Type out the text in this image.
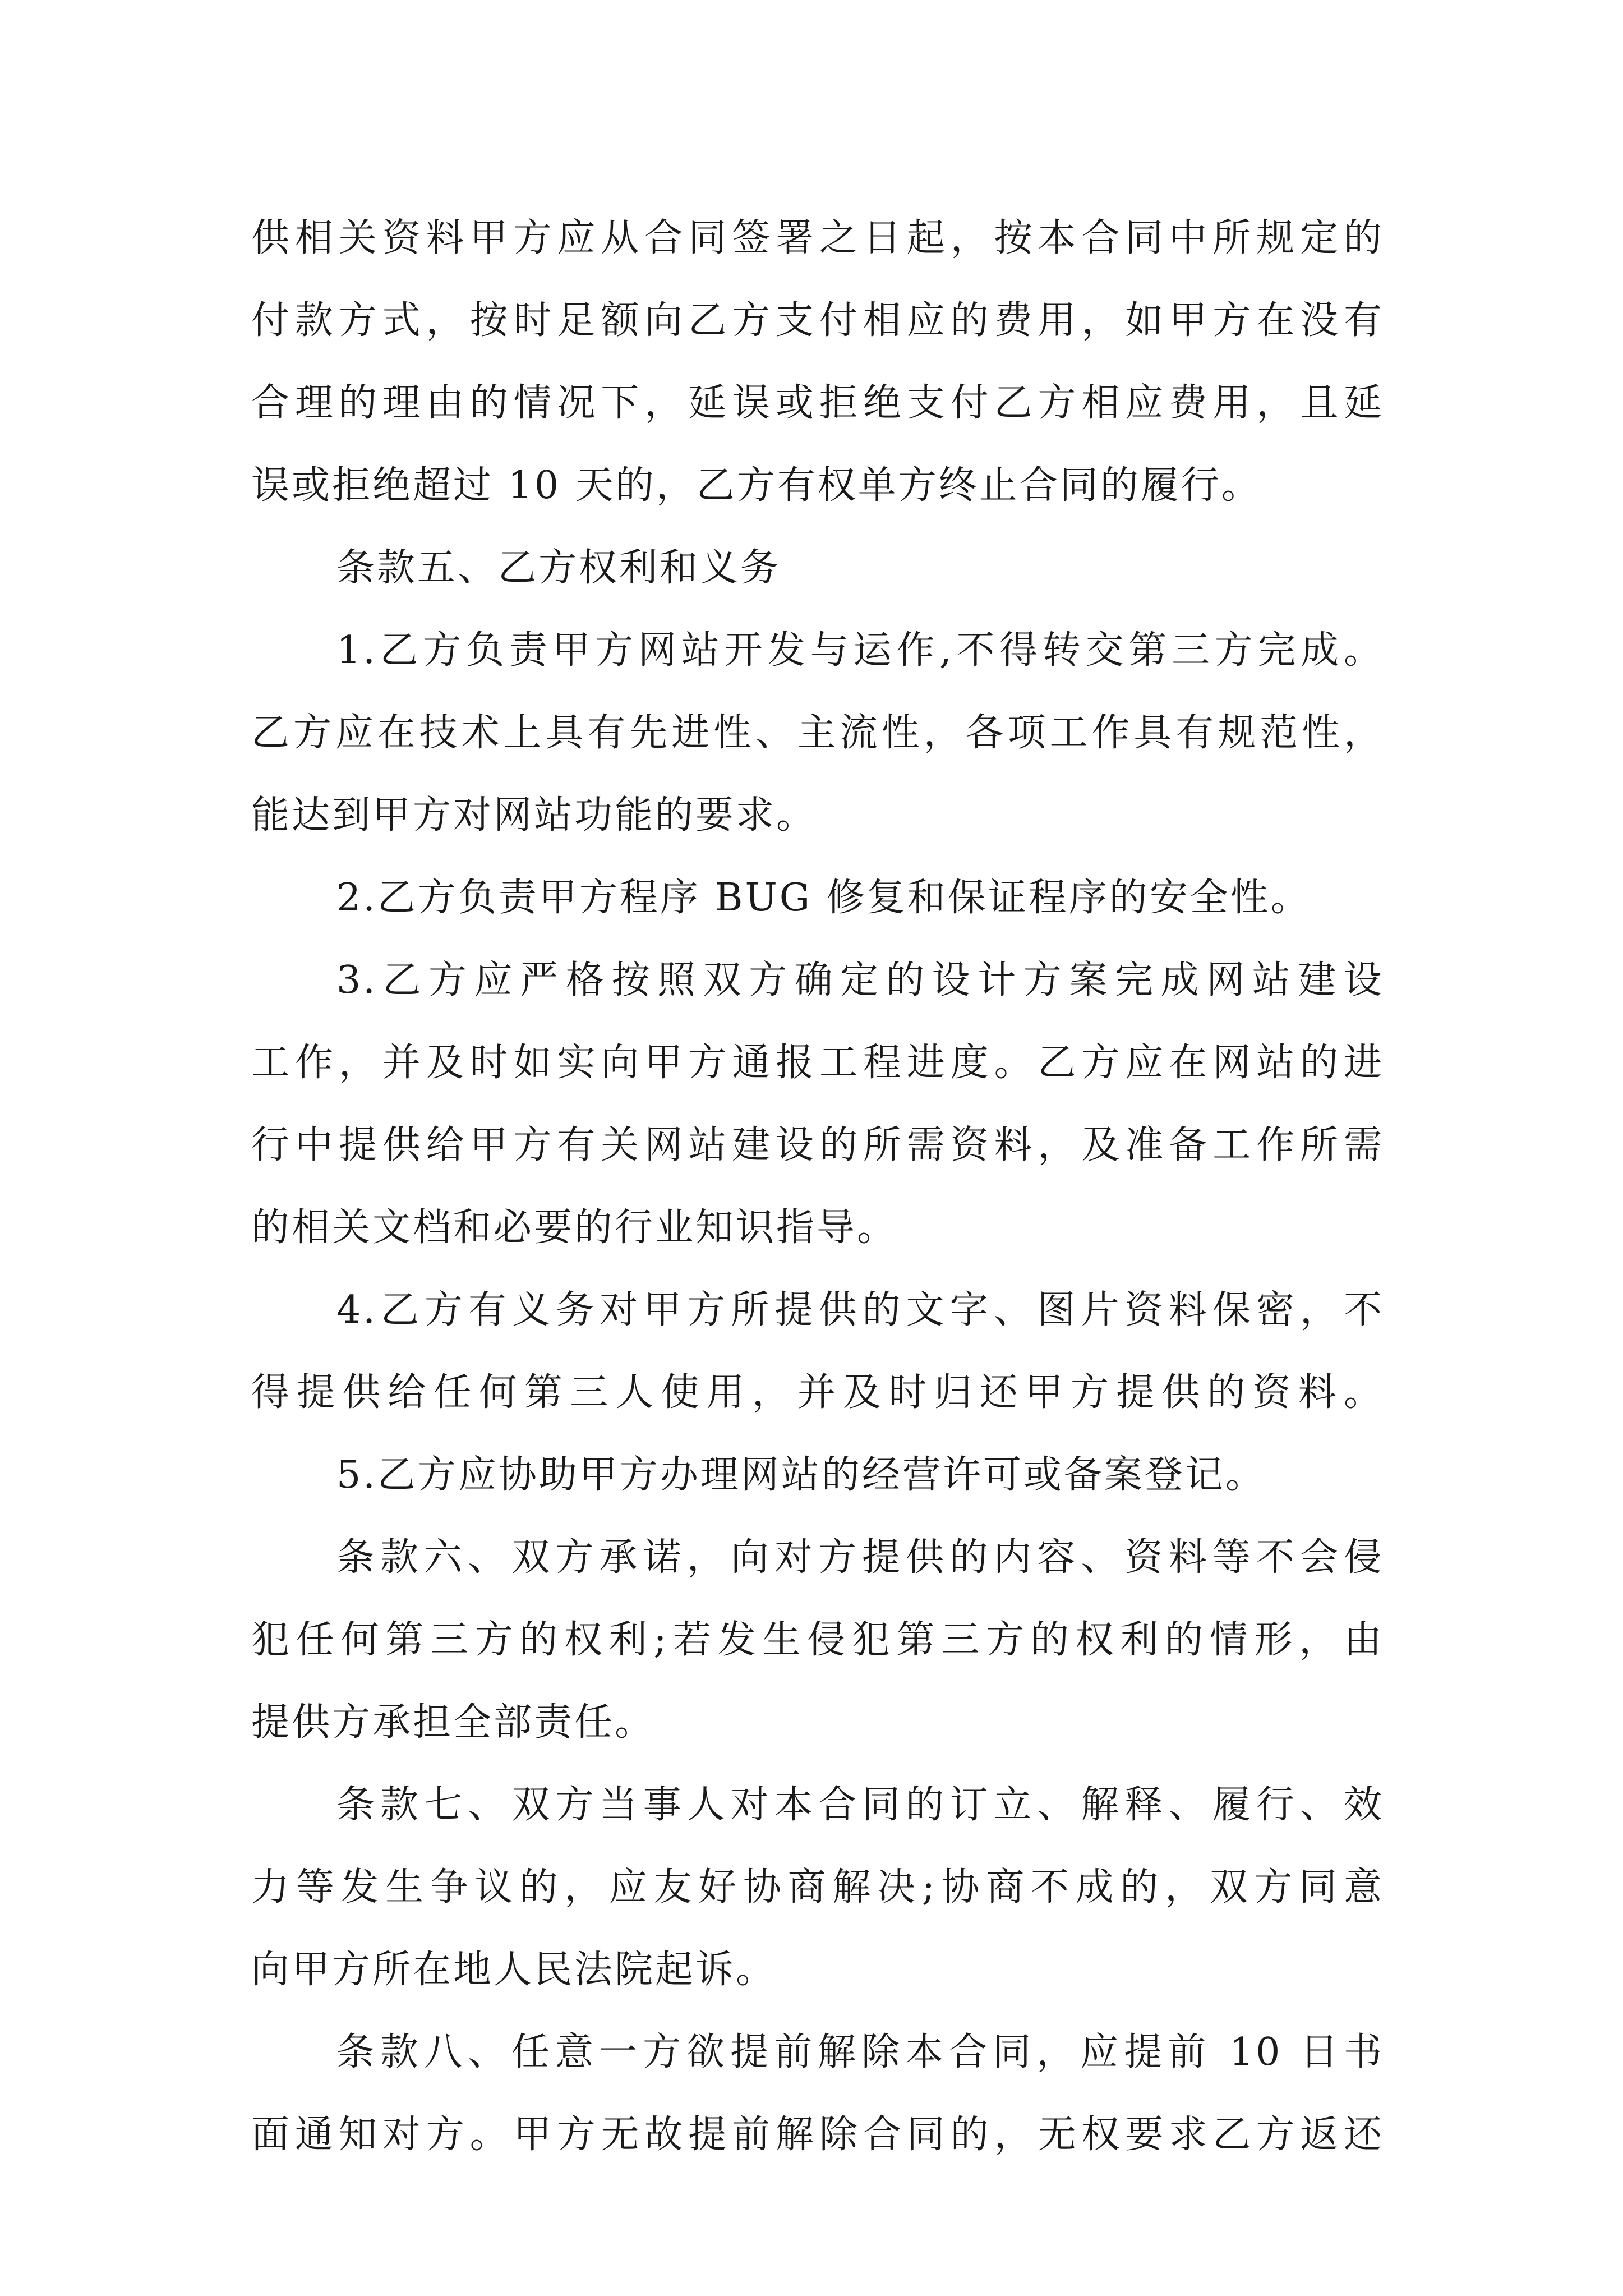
供相关资料甲方应从合同签署之日起，按本合同中所规定的
付款方式，按时足额向乙方支付相应的费用，如甲方在没有
合理的理由的情况下，延误或拒绝支付乙方相应费用，且延
误或拒绝超过 10 天的，乙方有权单方终止合同的履行。
条款五、乙方权利和义务
1.乙方负责甲方网站开发与运作,不得转交第三方完成。
乙方应在技术上具有先进性、主流性，各项工作具有规范性，
能达到甲方对网站功能的要求。
2.乙方负责甲方程序 BUG 修复和保证程序的安全性。
3.乙方应严格按照双方确定的设计方案完成网站建设
工作，并及时如实向甲方通报工程进度。乙方应在网站的进
行中提供给甲方有关网站建设的所需资料，及准备工作所需
的相关文档和必要的行业知识指导。
4.乙方有义务对甲方所提供的文字、图片资料保密，不
得提供给任何第三人使用，并及时归还甲方提供的资料。
5.乙方应协助甲方办理网站的经营许可或备案登记。
条款六、双方承诺，向对方提供的内容、资料等不会侵
犯任何第三方的权利;若发生侵犯第三方的权利的情形，由
提供方承担全部责任。
条款七、双方当事人对本合同的订立、解释、履行、效
力等发生争议的，应友好协商解决;协商不成的，双方同意
向甲方所在地人民法院起诉。
条款八、任意一方欲提前解除本合同，应提前 10 日书
面通知对方。甲方无故提前解除合同的，无权要求乙方返还
